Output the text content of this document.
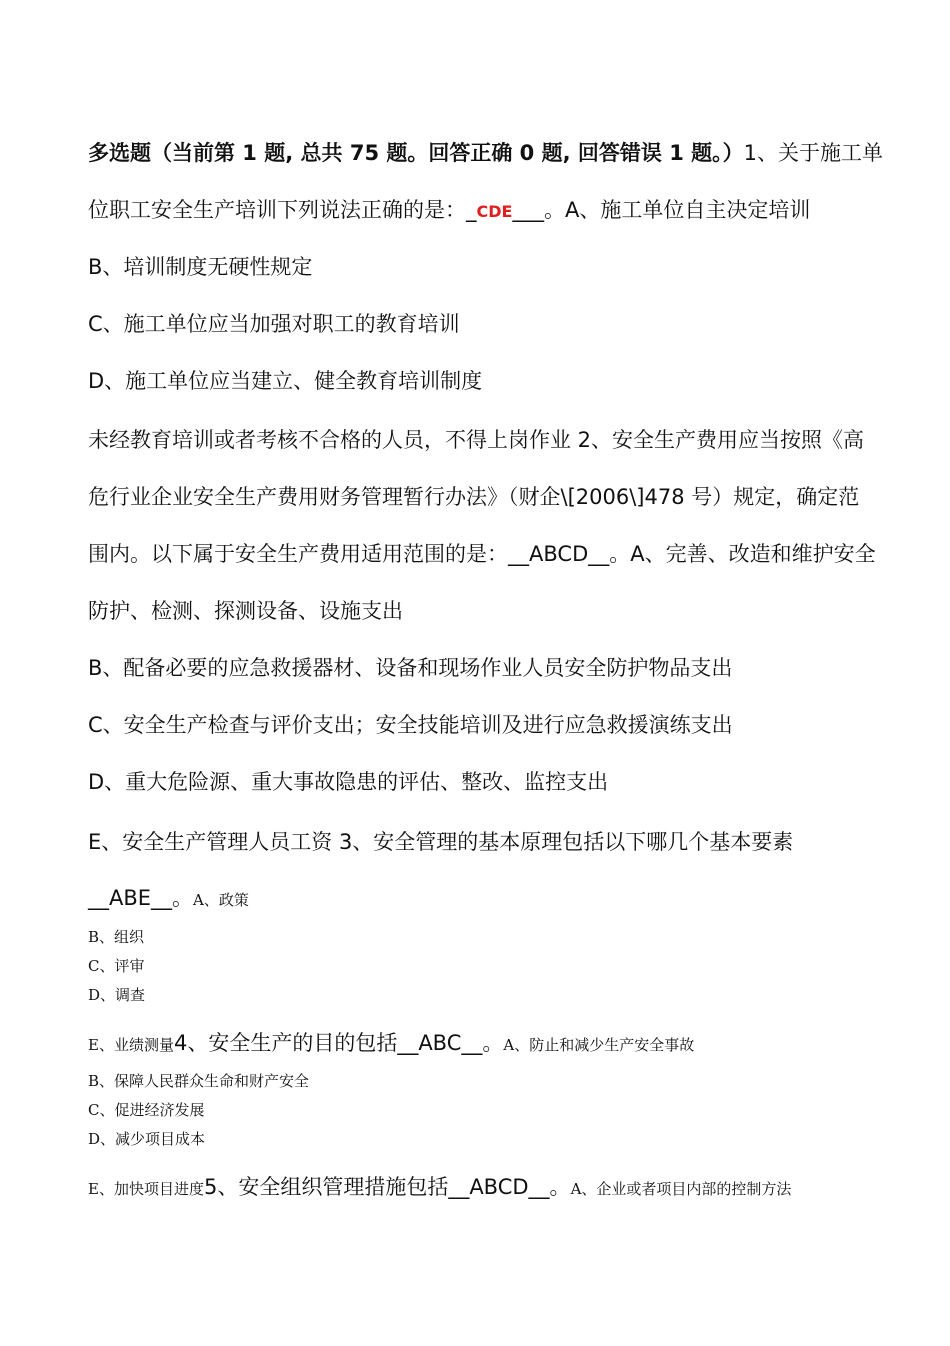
多选题（当前第 1 题, 总共 75 题。回答正确 0 题, 回答错误 1 题。）1、关于施工单
位职工安全生产培训下列说法正确的是：_CDE___。A、施工单位自主决定培训
B、培训制度无硬性规定
C、施工单位应当加强对职工的教育培训
D、施工单位应当建立、健全教育培训制度
未经教育培训或者考核不合格的人员，不得上岗作业 2、安全生产费用应当按照《高
危行业企业安全生产费用财务管理暂行办法》（财企\[2006\]478 号）规定，确定范
围内。以下属于安全生产费用适用范围的是：__ABCD__。A、完善、改造和维护安全
防护、检测、探测设备、设施支出
B、配备必要的应急救援器材、设备和现场作业人员安全防护物品支出
C、安全生产检查与评价支出；安全技能培训及进行应急救援演练支出
D、重大危险源、重大事故隐患的评估、整改、监控支出
E、安全生产管理人员工资 3、安全管理的基本原理包括以下哪几个基本要素
__ABE__。A、政策
B、组织
C、评审
D、调查
E、业绩测量4、安全生产的目的包括__ABC__。A、防止和减少生产安全事故
B、保障人民群众生命和财产安全
C、促进经济发展
D、减少项目成本
E、加快项目进度5、安全组织管理措施包括__ABCD__。A、企业或者项目内部的控制方法
